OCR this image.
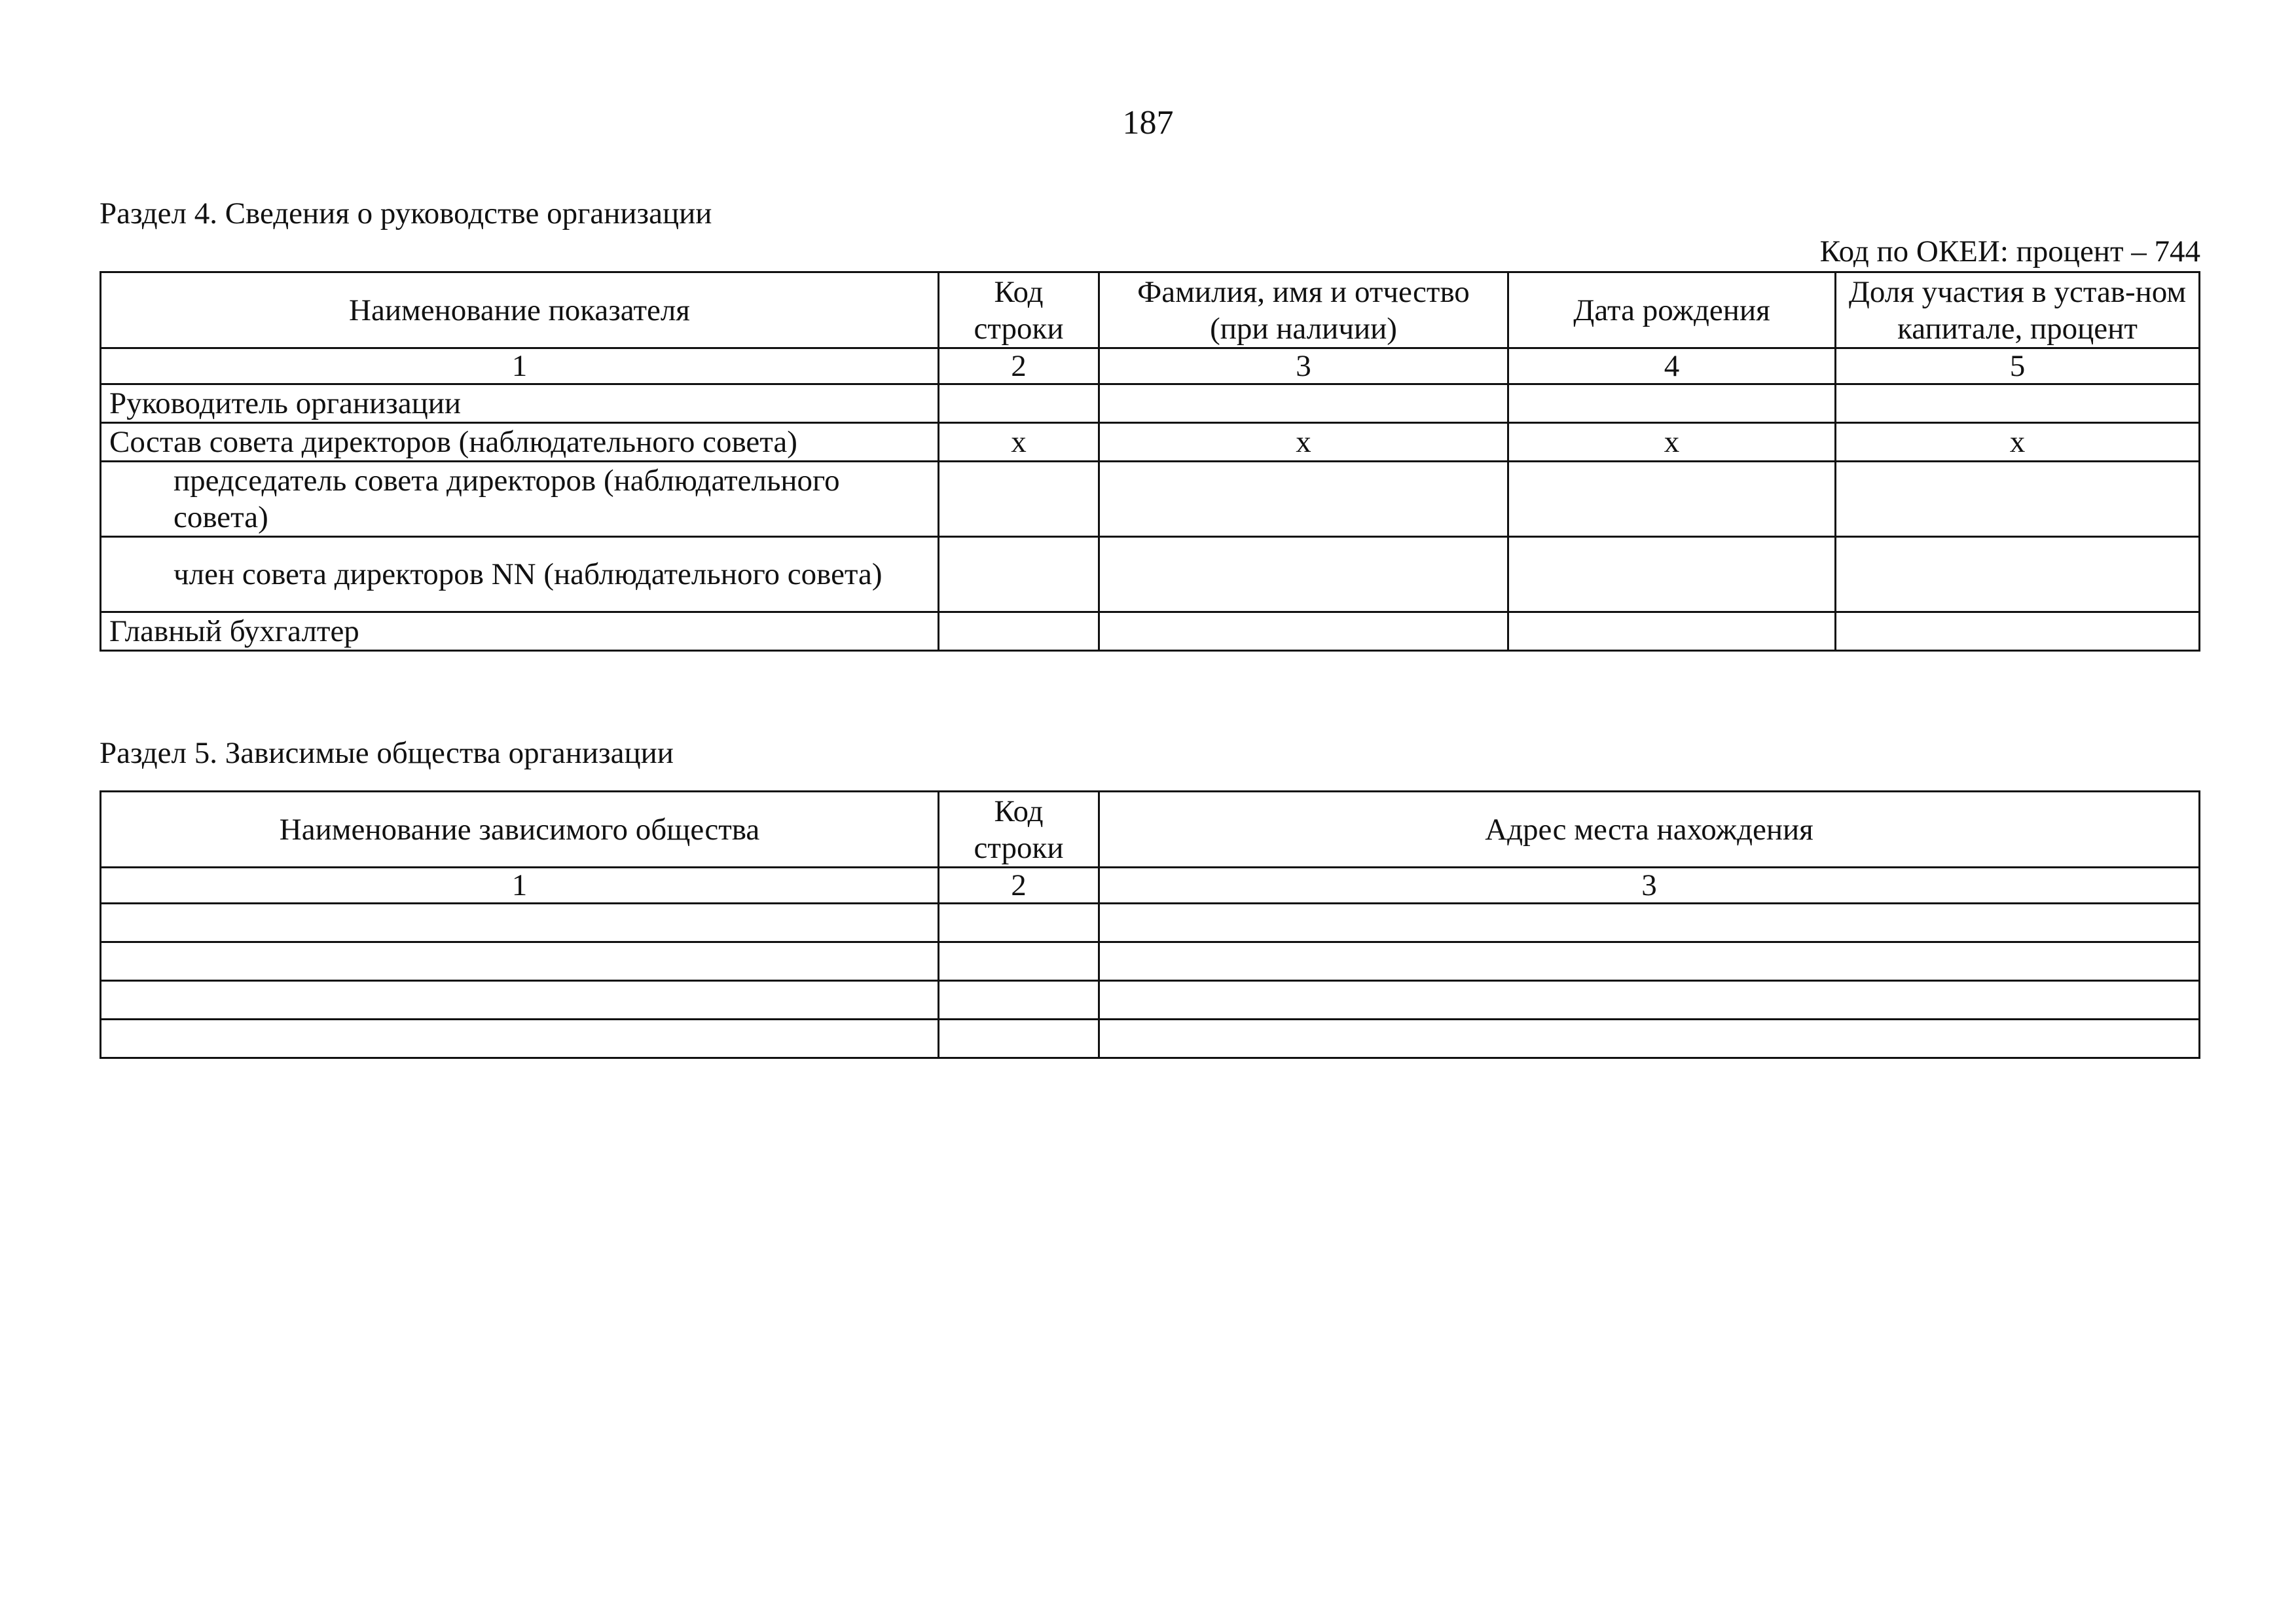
187
Раздел 4. Сведения о руководстве организации
Код по ОКЕИ: процент – 744
Наименование показателя	Код строки	Фамилия, имя и отчество (при наличии)	Дата рождения	Доля участия в устав-ном капитале, процент
1	2	3	4	5
Руководитель организации				
Состав совета директоров (наблюдательного совета)	x	x	x	x
председатель совета директоров (наблюдательного совета)				
член совета директоров NN (наблюдательного совета)				
Главный бухгалтер				
Раздел 5. Зависимые общества организации
Наименование зависимого общества	Код строки	Адрес места нахождения
1	2	3
